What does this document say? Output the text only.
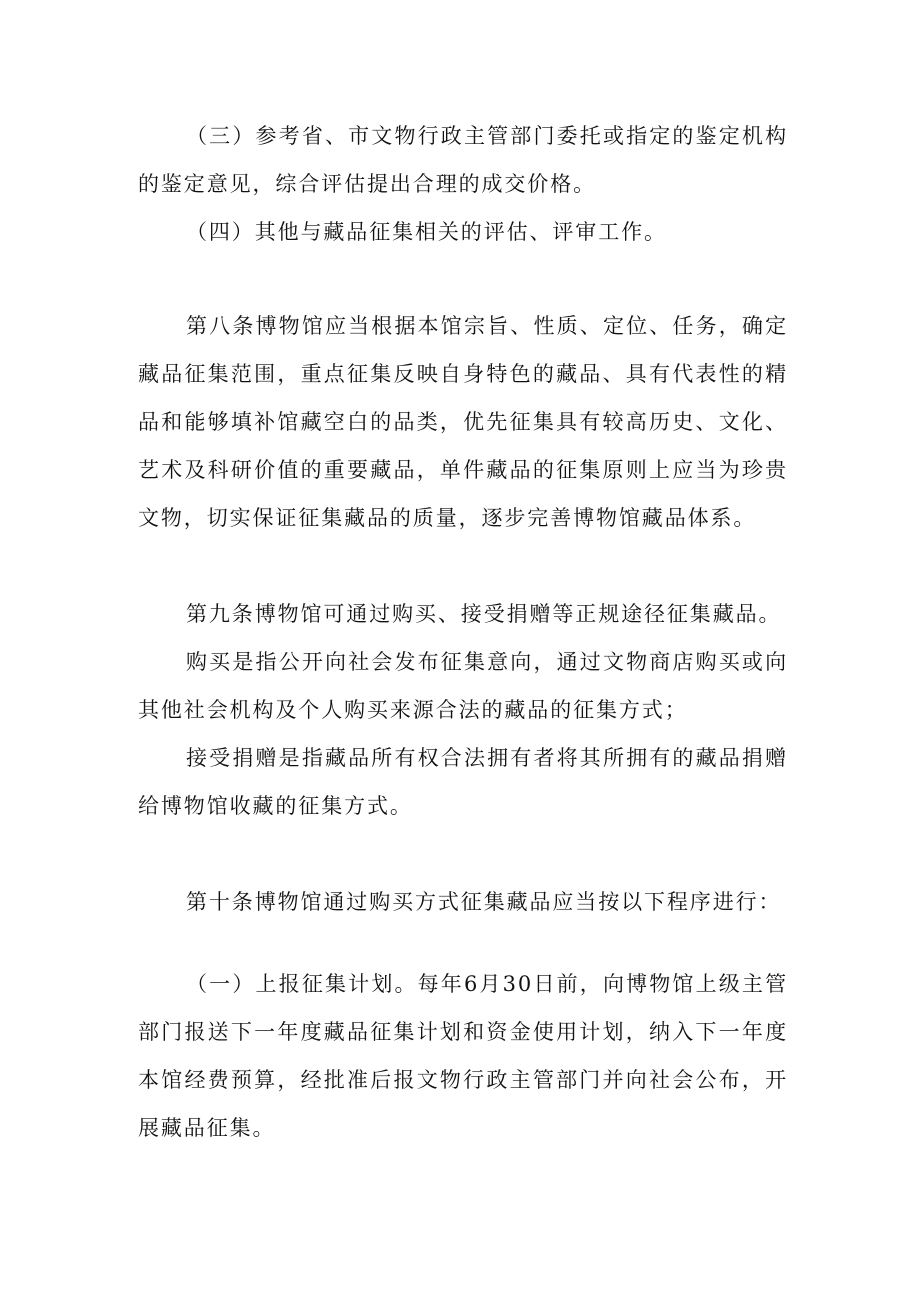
（三）参考省、市文物行政主管部门委托或指定的鉴定机构的鉴定意见，综合评估提出合理的成交价格。

（四）其他与藏品征集相关的评估、评审工作。

第八条博物馆应当根据本馆宗旨、性质、定位、任务，确定藏品征集范围，重点征集反映自身特色的藏品、具有代表性的精品和能够填补馆藏空白的品类，优先征集具有较高历史、文化、艺术及科研价值的重要藏品，单件藏品的征集原则上应当为珍贵文物，切实保证征集藏品的质量，逐步完善博物馆藏品体系。

第九条博物馆可通过购买、接受捐赠等正规途径征集藏品。

购买是指公开向社会发布征集意向，通过文物商店购买或向其他社会机构及个人购买来源合法的藏品的征集方式；

接受捐赠是指藏品所有权合法拥有者将其所拥有的藏品捐赠给博物馆收藏的征集方式。

第十条博物馆通过购买方式征集藏品应当按以下程序进行：

（一）上报征集计划。每年6月30日前，向博物馆上级主管部门报送下一年度藏品征集计划和资金使用计划，纳入下一年度本馆经费预算，经批准后报文物行政主管部门并向社会公布，开展藏品征集。
